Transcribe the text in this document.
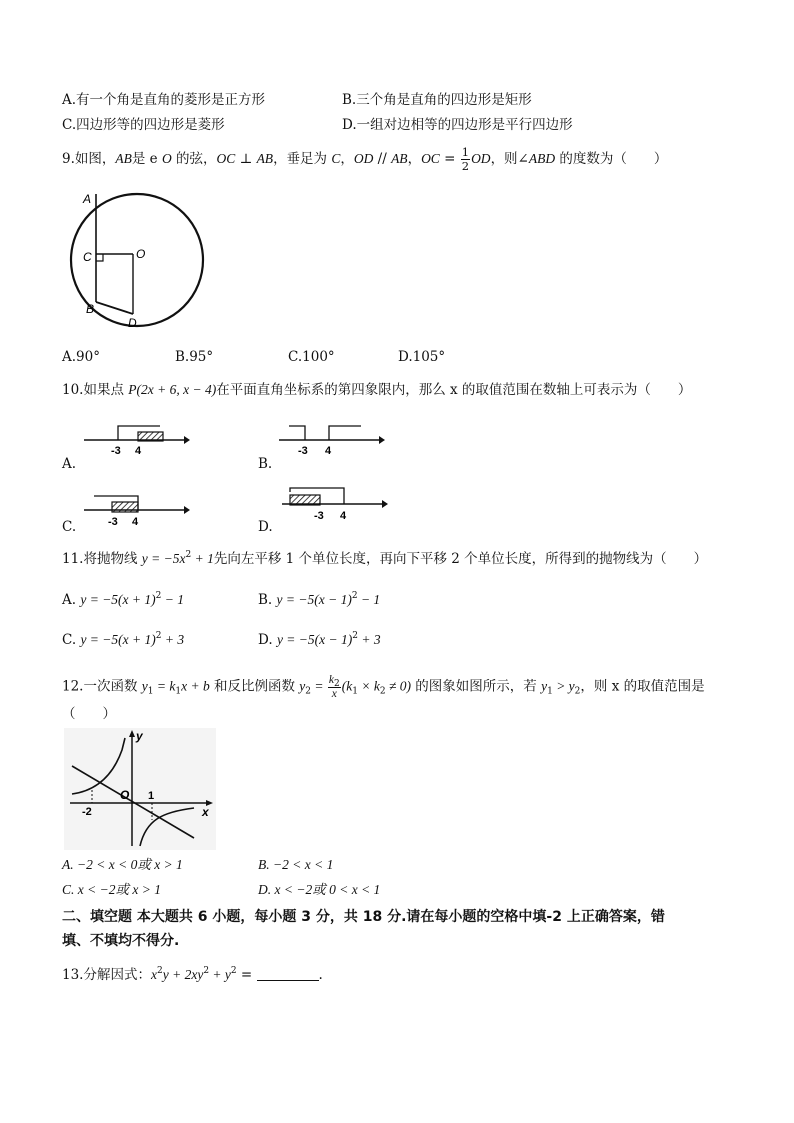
A.有一个角是直角的菱形是正方形	B.三个角是直角的四边形是矩形
C.四边形等的四边形是菱形	D.一组对边相等的四边形是平行四边形
9.如图，AB是 e O 的弦，OC ⊥ AB，垂足为 C，OD // AB，OC = $\frac{1}{2}$ OD，则∠ABD 的度数为（　　）
A
C	O
B
D
A.90°	B.95°	C.100°	D.105°
10.如果点 P(2x + 6, x − 4)在平面直角坐标系的第四象限内，那么 x 的取值范围在数轴上可表示为（　　）
-3 4
A.
-3 4
B.
-3 4
C.
-3 4
D.
11.将抛物线 $y = -5x^2 + 1$先向左平移 1 个单位长度，再向下平移 2 个单位长度，所得到的抛物线为（　　）
A. $y = -5(x + 1)^2 - 1$	B. $y = -5(x - 1)^2 - 1$
C. $y = -5(x + 1)^2 + 3$	D. $y = -5(x - 1)^2 + 3$
12.一次函数 $y_1 = k_1x + b$ 和反比例函数 $y_2 = \frac{k_2}{x} (k_1 \times k_2 \ne 0)$ 的图象如图所示，若 $y_1 > y_2$，则 x 的取值范围是
（　　）
y
x
O
-2
1
A. −2 < x < 0或 x > 1	B. −2 < x < 1
C. x < −2或 x > 1	D. x < −2或 0 < x < 1
二、填空题 本大题共 6 小题，每小题 3 分，共 18 分.请在每小题的空格中填-2 上正确答案，错
填、不填均不得分.
13.分解因式：$x^2y + 2xy^2 + y^2$ =	.
